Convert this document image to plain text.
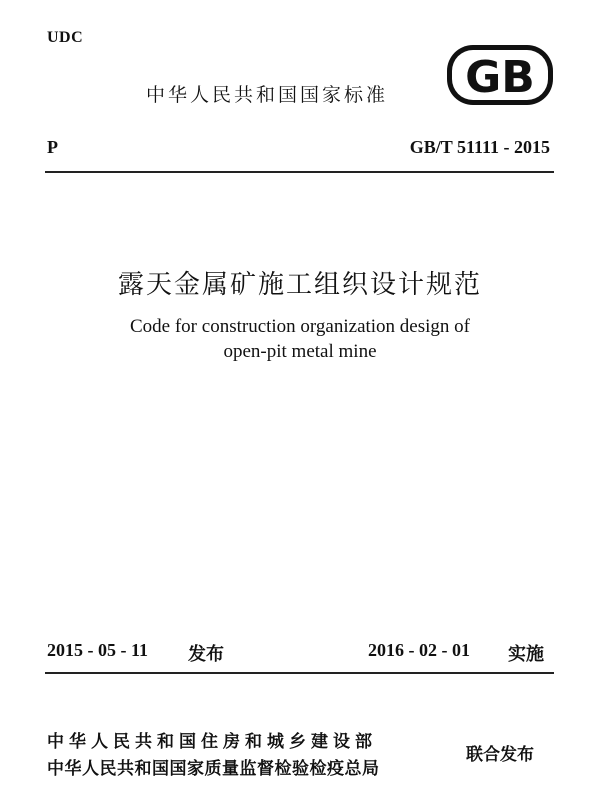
UDC
中华人民共和国国家标准 GB
P	GB/T 51111 - 2015
露天金属矿施工组织设计规范
Code for construction organization design of
open-pit metal mine
2015 - 05 - 11 发布	2016 - 02 - 01 实施
中华人民共和国住房和城乡建设部
中华人民共和国国家质量监督检验检疫总局
联合发布
